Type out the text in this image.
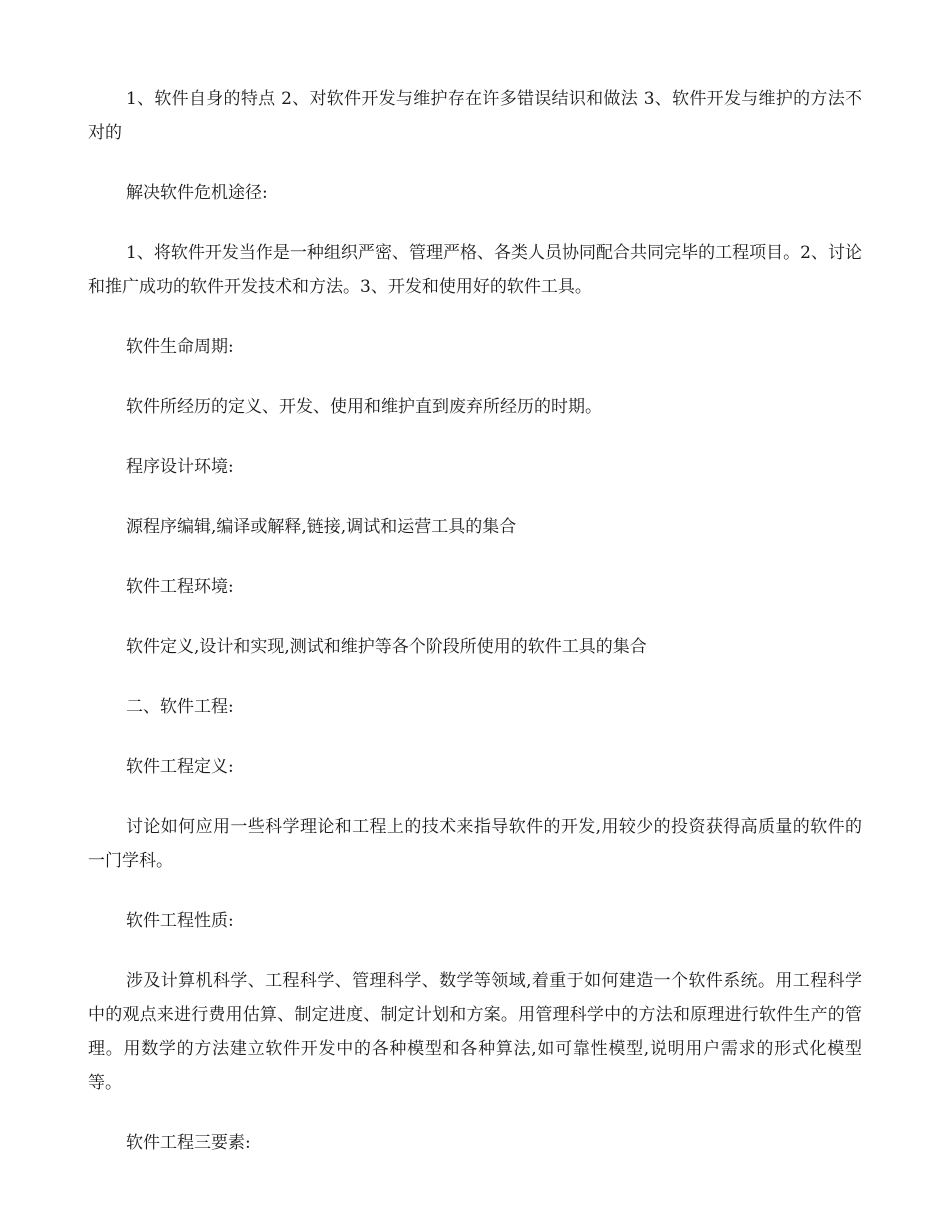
1、软件自身的特点 2、对软件开发与维护存在许多错误结识和做法 3、软件开发与维护的方法不对的

解决软件危机途径:

1、将软件开发当作是一种组织严密、管理严格、各类人员协同配合共同完毕的工程项目。2、讨论和推广成功的软件开发技术和方法。3、开发和使用好的软件工具。

软件生命周期:

软件所经历的定义、开发、使用和维护直到废弃所经历的时期。

程序设计环境:

源程序编辑,编译或解释,链接,调试和运营工具的集合

软件工程环境:

软件定义,设计和实现,测试和维护等各个阶段所使用的软件工具的集合

二、软件工程:

软件工程定义:

讨论如何应用一些科学理论和工程上的技术来指导软件的开发,用较少的投资获得高质量的软件的一门学科。

软件工程性质:

涉及计算机科学、工程科学、管理科学、数学等领域,着重于如何建造一个软件系统。用工程科学中的观点来进行费用估算、制定进度、制定计划和方案。用管理科学中的方法和原理进行软件生产的管理。用数学的方法建立软件开发中的各种模型和各种算法,如可靠性模型,说明用户需求的形式化模型等。

软件工程三要素:
